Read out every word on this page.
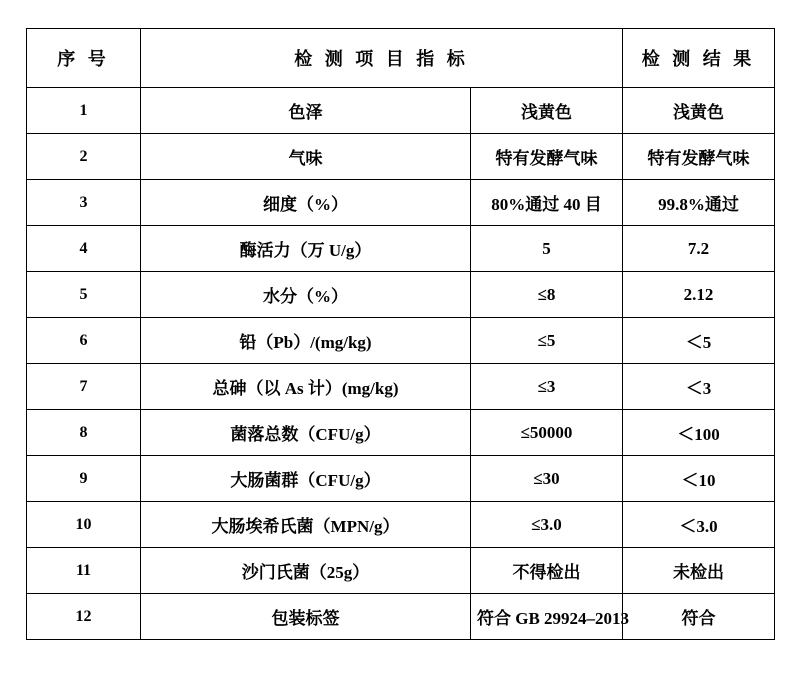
序 号	检 测 项 目 指 标		检 测 结 果

1	色泽	浅黄色	浅黄色

2	气味	特有发酵气味	特有发酵气味

3	细度（%）	80%通过 40 目	99.8%通过

4	酶活力（万 U/g）	5	7.2

5	水分（%）	≤8	2.12

6	铅（Pb）/(mg/kg)	≤5	＜5

7	总砷（以 As 计）(mg/kg)	≤3	＜3

8	菌落总数（CFU/g）	≤50000	＜100

9	大肠菌群（CFU/g）	≤30	＜10

10	大肠埃希氏菌（MPN/g）	≤3.0	＜3.0

11	沙门氏菌（25g）	不得检出	未检出

12	包装标签	符合 GB 29924–2013	符合
